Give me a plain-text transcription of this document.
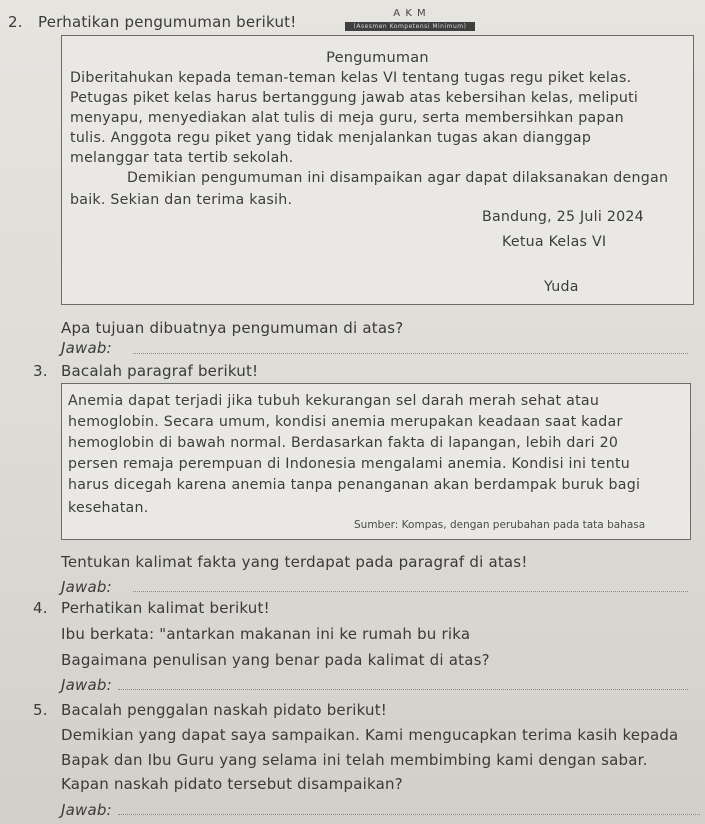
A K M
(Asesmen Kompetensi Minimum)
2. Perhatikan pengumuman berikut!
Pengumuman
Diberitahukan kepada teman-teman kelas VI tentang tugas regu piket kelas.
Petugas piket kelas harus bertanggung jawab atas kebersihan kelas, meliputi
menyapu, menyediakan alat tulis di meja guru, serta membersihkan papan
tulis. Anggota regu piket yang tidak menjalankan tugas akan dianggap
melanggar tata tertib sekolah.
Demikian pengumuman ini disampaikan agar dapat dilaksanakan dengan
baik. Sekian dan terima kasih.
Bandung, 25 Juli 2024
Ketua Kelas VI
Yuda
Apa tujuan dibuatnya pengumuman di atas?
Jawab:
3. Bacalah paragraf berikut!
Anemia dapat terjadi jika tubuh kekurangan sel darah merah sehat atau
hemoglobin. Secara umum, kondisi anemia merupakan keadaan saat kadar
hemoglobin di bawah normal. Berdasarkan fakta di lapangan, lebih dari 20
persen remaja perempuan di Indonesia mengalami anemia. Kondisi ini tentu
harus dicegah karena anemia tanpa penanganan akan berdampak buruk bagi
kesehatan.
Sumber: Kompas, dengan perubahan pada tata bahasa
Tentukan kalimat fakta yang terdapat pada paragraf di atas!
Jawab:
4. Perhatikan kalimat berikut!
Ibu berkata: "antarkan makanan ini ke rumah bu rika
Bagaimana penulisan yang benar pada kalimat di atas?
Jawab:
5. Bacalah penggalan naskah pidato berikut!
Demikian yang dapat saya sampaikan. Kami mengucapkan terima kasih kepada
Bapak dan Ibu Guru yang selama ini telah membimbing kami dengan sabar.
Kapan naskah pidato tersebut disampaikan?
Jawab:
